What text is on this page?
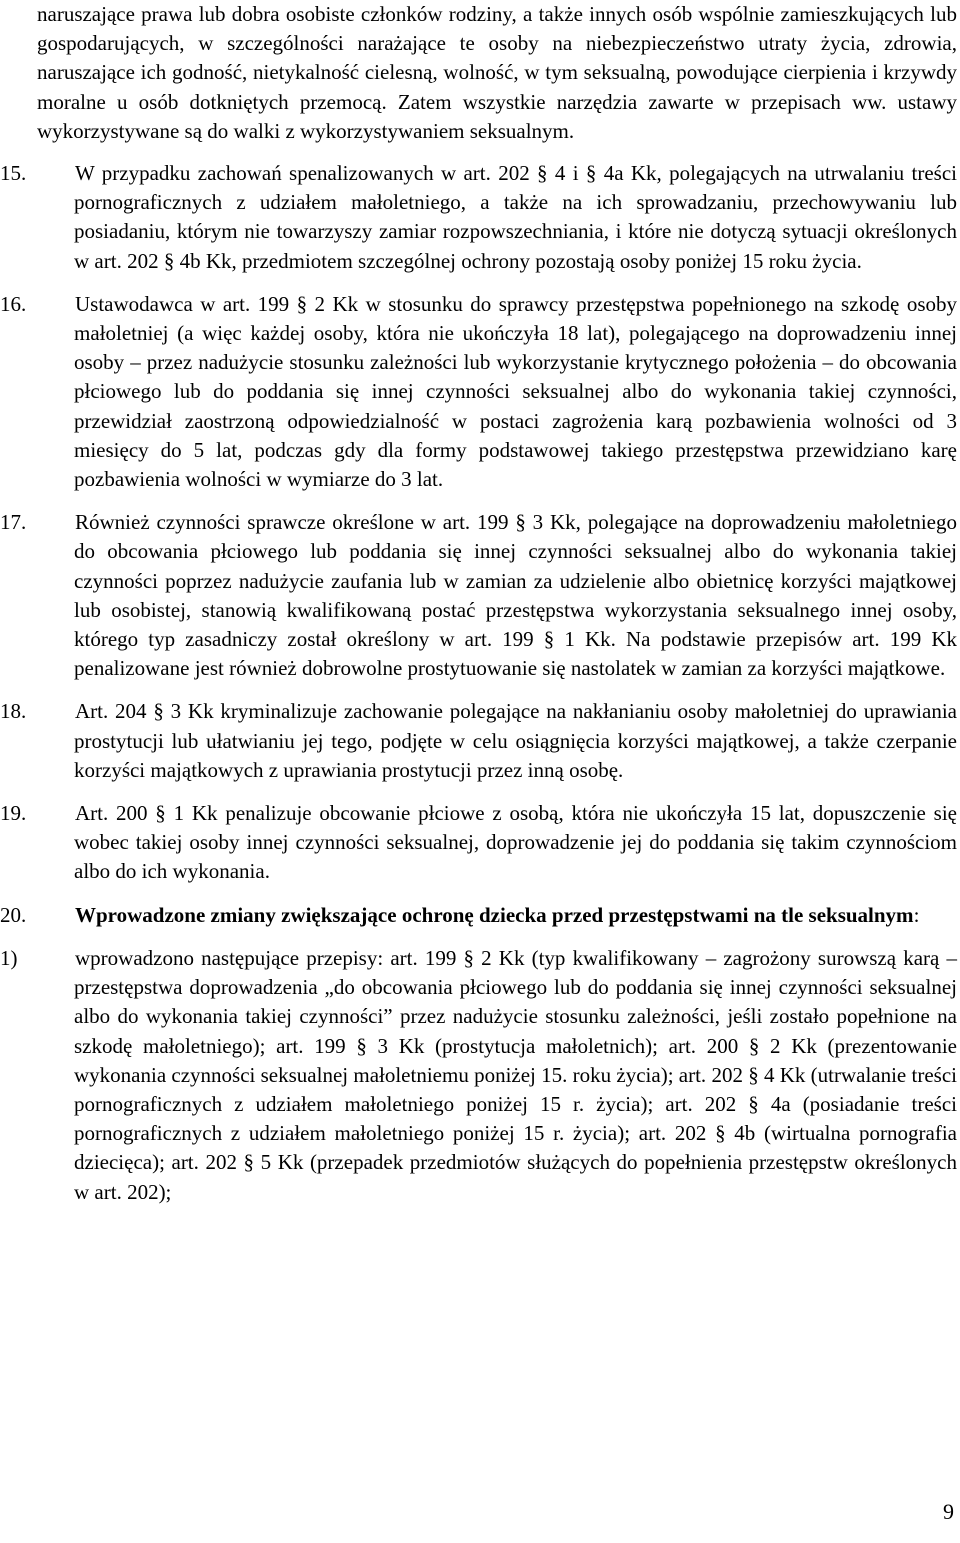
naruszające prawa lub dobra osobiste członków rodziny, a także innych osób wspólnie zamieszkujących lub gospodarujących, w szczególności narażające te osoby na niebezpieczeństwo utraty życia, zdrowia, naruszające ich godność, nietykalność cielesną, wolność, w tym seksualną, powodujące cierpienia i krzywdy moralne u osób dotkniętych przemocą. Zatem wszystkie narzędzia zawarte w przepisach ww. ustawy wykorzystywane są do walki z wykorzystywaniem seksualnym.

15. W przypadku zachowań spenalizowanych w art. 202 § 4 i § 4a Kk, polegających na utrwalaniu treści pornograficznych z udziałem małoletniego, a także na ich sprowadzaniu, przechowywaniu lub posiadaniu, którym nie towarzyszy zamiar rozpowszechniania, i które nie dotyczą sytuacji określonych w art. 202 § 4b Kk, przedmiotem szczególnej ochrony pozostają osoby poniżej 15 roku życia.

16. Ustawodawca w art. 199 § 2 Kk w stosunku do sprawcy przestępstwa popełnionego na szkodę osoby małoletniej (a więc każdej osoby, która nie ukończyła 18 lat), polegającego na doprowadzeniu innej osoby – przez nadużycie stosunku zależności lub wykorzystanie krytycznego położenia – do obcowania płciowego lub do poddania się innej czynności seksualnej albo do wykonania takiej czynności, przewidział zaostrzoną odpowiedzialność w postaci zagrożenia karą pozbawienia wolności od 3 miesięcy do 5 lat, podczas gdy dla formy podstawowej takiego przestępstwa przewidziano karę pozbawienia wolności w wymiarze do 3 lat.

17. Również czynności sprawcze określone w art. 199 § 3 Kk, polegające na doprowadzeniu małoletniego do obcowania płciowego lub poddania się innej czynności seksualnej albo do wykonania takiej czynności poprzez nadużycie zaufania lub w zamian za udzielenie albo obietnicę korzyści majątkowej lub osobistej, stanowią kwalifikowaną postać przestępstwa wykorzystania seksualnego innej osoby, którego typ zasadniczy został określony w art. 199 § 1 Kk. Na podstawie przepisów art. 199 Kk penalizowane jest również dobrowolne prostytuowanie się nastolatek w zamian za korzyści majątkowe.

18. Art. 204 § 3 Kk kryminalizuje zachowanie polegające na nakłanianiu osoby małoletniej do uprawiania prostytucji lub ułatwianiu jej tego, podjęte w celu osiągnięcia korzyści majątkowej, a także czerpanie korzyści majątkowych z uprawiania prostytucji przez inną osobę.

19. Art. 200 § 1 Kk penalizuje obcowanie płciowe z osobą, która nie ukończyła 15 lat, dopuszczenie się wobec takiej osoby innej czynności seksualnej, doprowadzenie jej do poddania się takim czynnościom albo do ich wykonania.

20. Wprowadzone zmiany zwiększające ochronę dziecka przed przestępstwami na tle seksualnym:

1)	wprowadzono następujące przepisy: art. 199 § 2 Kk (typ kwalifikowany – zagrożony surowszą karą – przestępstwa doprowadzenia „do obcowania płciowego lub do poddania się innej czynności seksualnej albo do wykonania takiej czynności” przez nadużycie stosunku zależności, jeśli zostało popełnione na szkodę małoletniego); art. 199 § 3 Kk (prostytucja małoletnich); art. 200 § 2 Kk (prezentowanie wykonania czynności seksualnej małoletniemu poniżej 15. roku życia); art. 202 § 4 Kk (utrwalanie treści pornograficznych z udziałem małoletniego poniżej 15 r. życia); art. 202 § 4a (posiadanie treści pornograficznych z udziałem małoletniego poniżej 15 r. życia); art. 202 § 4b (wirtualna pornografia dziecięca); art. 202 § 5 Kk (przepadek przedmiotów służących do popełnienia przestępstw określonych w art. 202);

9
